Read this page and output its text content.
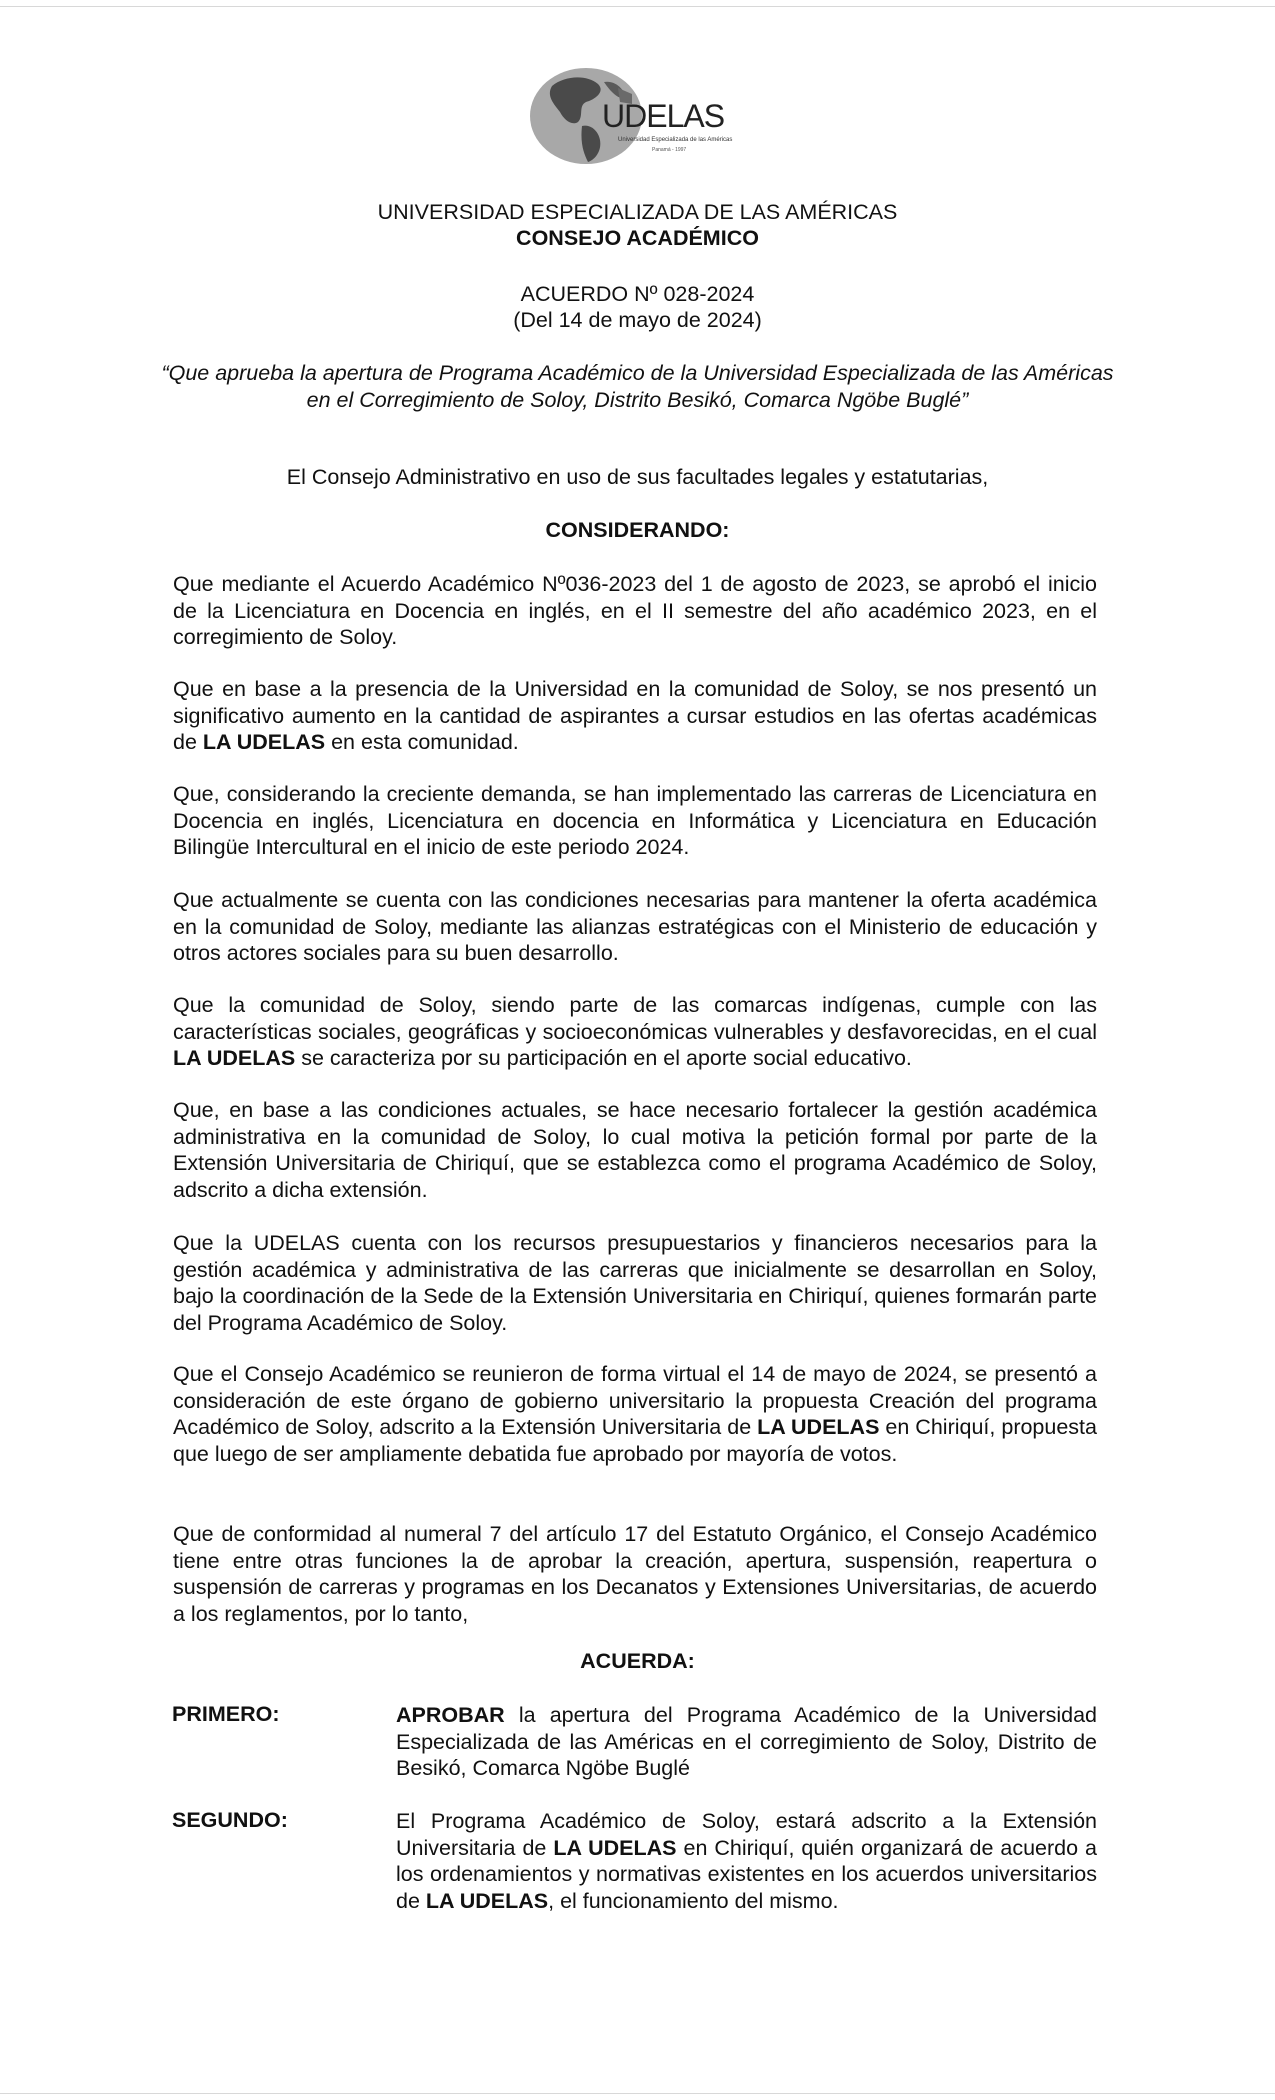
UDELAS
Universidad Especializada de las Américas
Panamá - 1997
UNIVERSIDAD ESPECIALIZADA DE LAS AMÉRICAS
CONSEJO ACADÉMICO
ACUERDO Nº 028-2024
(Del 14 de mayo de 2024)
“Que aprueba la apertura de Programa Académico de la Universidad Especializada de las Américas en el Corregimiento de Soloy, Distrito Besikó, Comarca Ngöbe Buglé”
El Consejo Administrativo en uso de sus facultades legales y estatutarias,
CONSIDERANDO:
Que mediante el Acuerdo Académico Nº036-2023 del 1 de agosto de 2023, se aprobó el inicio de la Licenciatura en Docencia en inglés, en el II semestre del año académico 2023, en el corregimiento de Soloy.
Que en base a la presencia de la Universidad en la comunidad de Soloy, se nos presentó un significativo aumento en la cantidad de aspirantes a cursar estudios en las ofertas académicas de LA UDELAS en esta comunidad.
Que, considerando la creciente demanda, se han implementado las carreras de Licenciatura en Docencia en inglés, Licenciatura en docencia en Informática y Licenciatura en Educación Bilingüe Intercultural en el inicio de este periodo 2024.
Que actualmente se cuenta con las condiciones necesarias para mantener la oferta académica en la comunidad de Soloy, mediante las alianzas estratégicas con el Ministerio de educación y otros actores sociales para su buen desarrollo.
Que la comunidad de Soloy, siendo parte de las comarcas indígenas, cumple con las características sociales, geográficas y socioeconómicas vulnerables y desfavorecidas, en el cual LA UDELAS se caracteriza por su participación en el aporte social educativo.
Que, en base a las condiciones actuales, se hace necesario fortalecer la gestión académica administrativa en la comunidad de Soloy, lo cual motiva la petición formal por parte de la Extensión Universitaria de Chiriquí, que se establezca como el programa Académico de Soloy, adscrito a dicha extensión.
Que la UDELAS cuenta con los recursos presupuestarios y financieros necesarios para la gestión académica y administrativa de las carreras que inicialmente se desarrollan en Soloy, bajo la coordinación de la Sede de la Extensión Universitaria en Chiriquí, quienes formarán parte del Programa Académico de Soloy.
Que el Consejo Académico se reunieron de forma virtual el 14 de mayo de 2024, se presentó a consideración de este órgano de gobierno universitario la propuesta Creación del programa Académico de Soloy, adscrito a la Extensión Universitaria de LA UDELAS en Chiriquí, propuesta que luego de ser ampliamente debatida fue aprobado por mayoría de votos.
Que de conformidad al numeral 7 del artículo 17 del Estatuto Orgánico, el Consejo Académico tiene entre otras funciones la de aprobar la creación, apertura, suspensión, reapertura o suspensión de carreras y programas en los Decanatos y Extensiones Universitarias, de acuerdo a los reglamentos, por lo tanto,
ACUERDA:
PRIMERO:	APROBAR la apertura del Programa Académico de la Universidad Especializada de las Américas en el corregimiento de Soloy, Distrito de Besikó, Comarca Ngöbe Buglé
SEGUNDO:	El Programa Académico de Soloy, estará adscrito a la Extensión Universitaria de LA UDELAS en Chiriquí, quién organizará de acuerdo a los ordenamientos y normativas existentes en los acuerdos universitarios de LA UDELAS, el funcionamiento del mismo.
